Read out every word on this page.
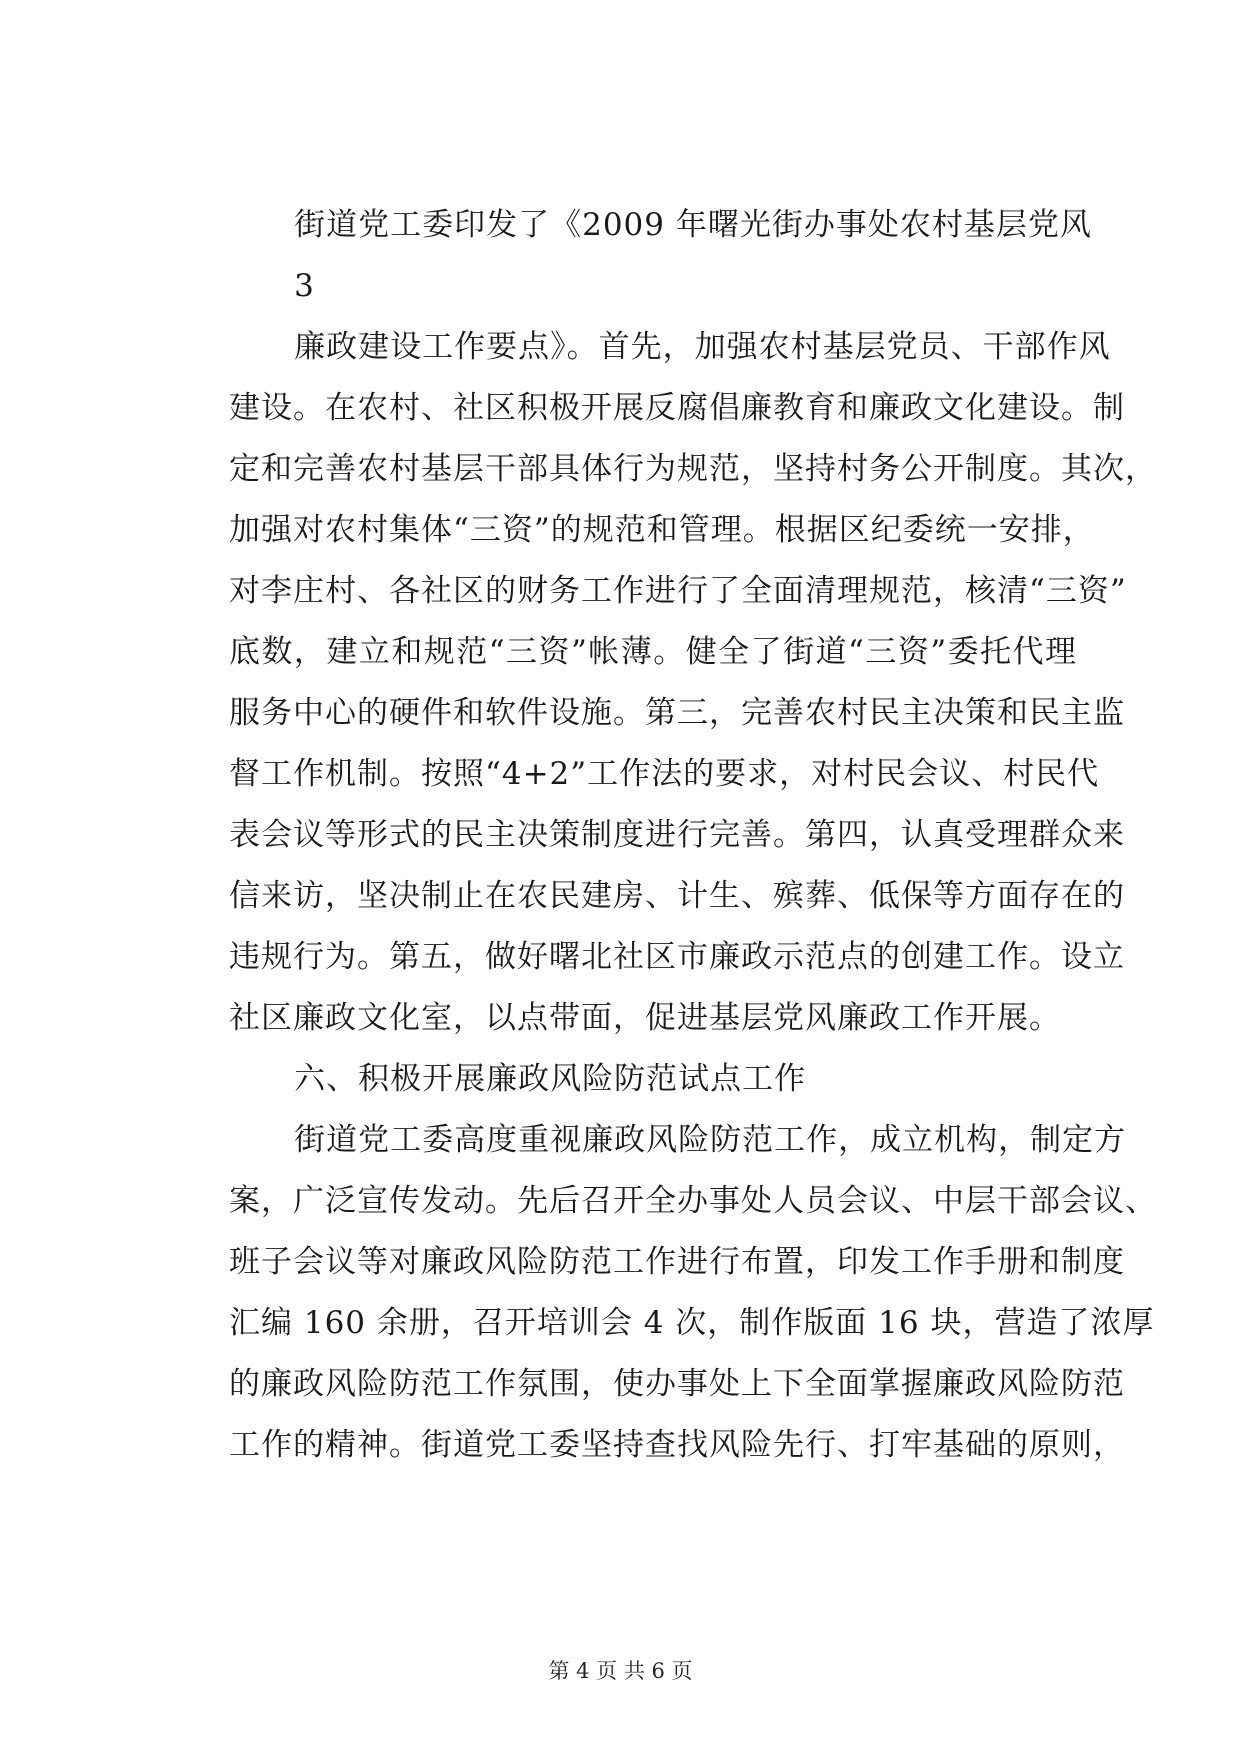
街道党工委印发了《2009 年曙光街办事处农村基层党风
3
廉政建设工作要点》。首先，加强农村基层党员、干部作风
建设。在农村、社区积极开展反腐倡廉教育和廉政文化建设。制
定和完善农村基层干部具体行为规范，坚持村务公开制度。其次，
加强对农村集体“三资”的规范和管理。根据区纪委统一安排，
对李庄村、各社区的财务工作进行了全面清理规范，核清“三资”
底数，建立和规范“三资”帐薄。健全了街道“三资”委托代理
服务中心的硬件和软件设施。第三，完善农村民主决策和民主监
督工作机制。按照“4+2”工作法的要求，对村民会议、村民代
表会议等形式的民主决策制度进行完善。第四，认真受理群众来
信来访，坚决制止在农民建房、计生、殡葬、低保等方面存在的
违规行为。第五，做好曙北社区市廉政示范点的创建工作。设立
社区廉政文化室，以点带面，促进基层党风廉政工作开展。
六、积极开展廉政风险防范试点工作
街道党工委高度重视廉政风险防范工作，成立机构，制定方
案，广泛宣传发动。先后召开全办事处人员会议、中层干部会议、
班子会议等对廉政风险防范工作进行布置，印发工作手册和制度
汇编 160 余册，召开培训会 4 次，制作版面 16 块，营造了浓厚
的廉政风险防范工作氛围，使办事处上下全面掌握廉政风险防范
工作的精神。街道党工委坚持查找风险先行、打牢基础的原则，
第 4 页 共 6 页
